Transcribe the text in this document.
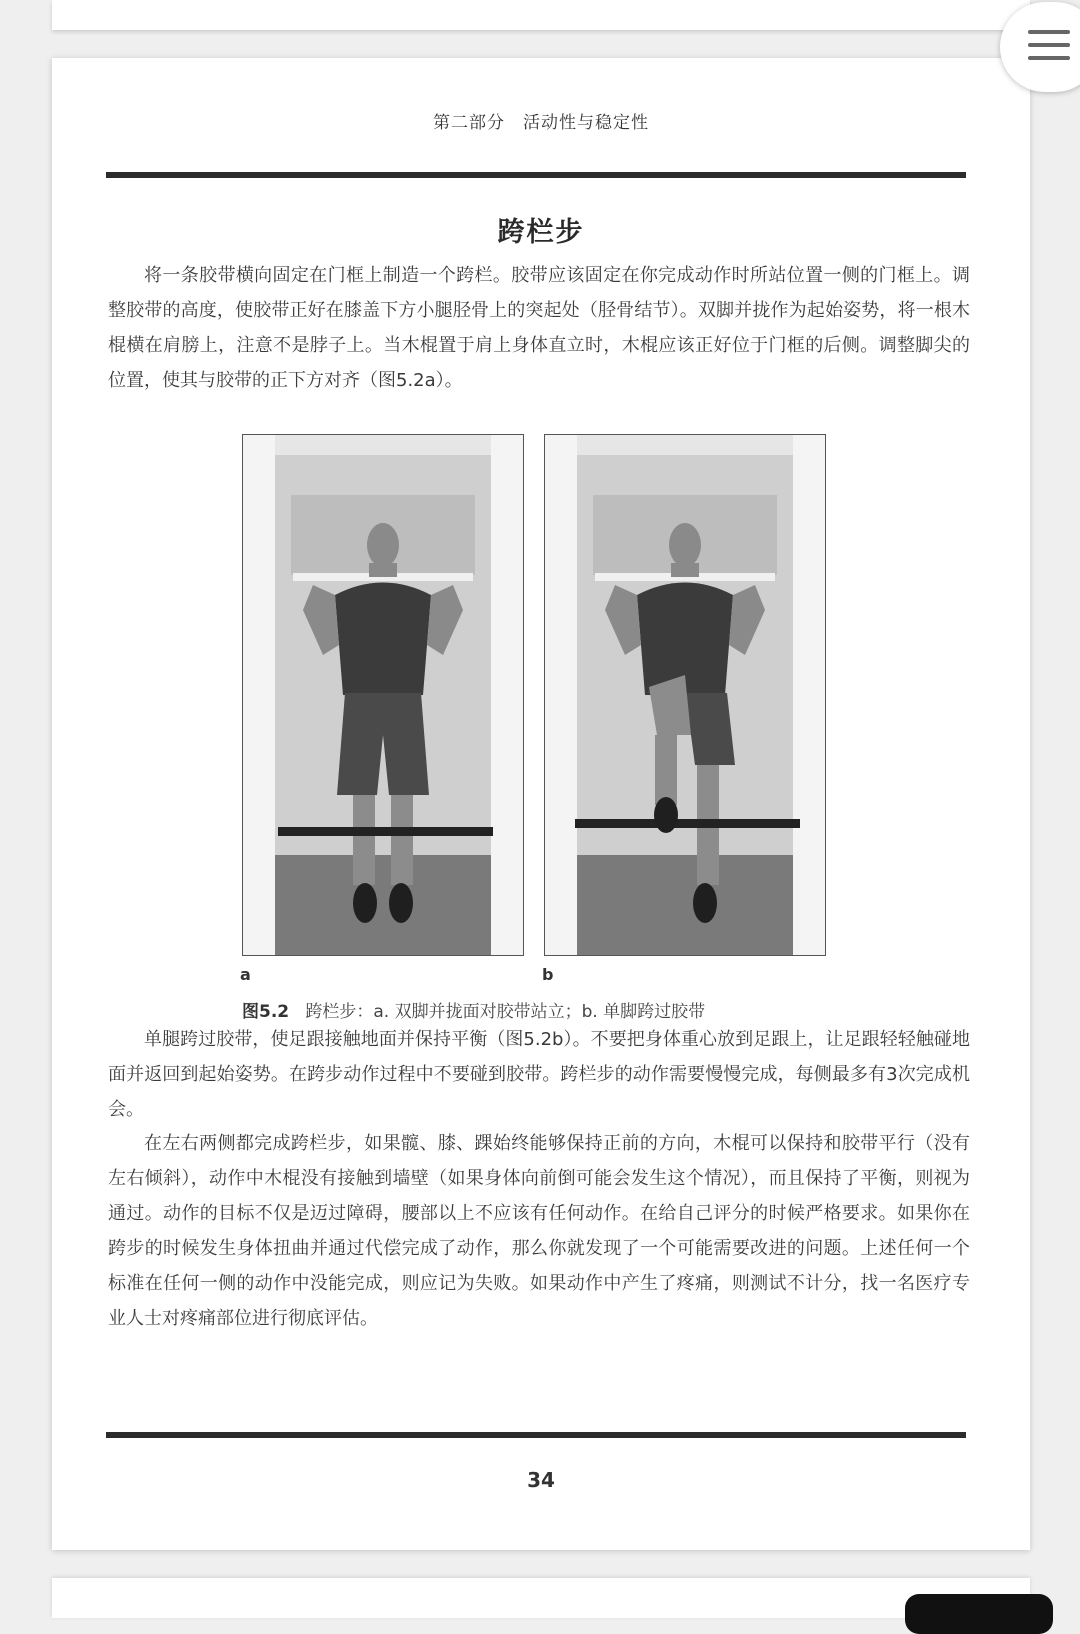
第二部分　活动性与稳定性
跨栏步

将一条胶带横向固定在门框上制造一个跨栏。胶带应该固定在你完成动作时所站位置一侧的门框上。调整胶带的高度，使胶带正好在膝盖下方小腿胫骨上的突起处（胫骨结节）。双脚并拢作为起始姿势，将一根木棍横在肩膀上，注意不是脖子上。当木棍置于肩上身体直立时，木棍应该正好位于门框的后侧。调整脚尖的位置，使其与胶带的正下方对齐（图5.2a）。

a	b
图5.2 跨栏步：a. 双脚并拢面对胶带站立；b. 单脚跨过胶带

单腿跨过胶带，使足跟接触地面并保持平衡（图5.2b）。不要把身体重心放到足跟上，让足跟轻轻触碰地面并返回到起始姿势。在跨步动作过程中不要碰到胶带。跨栏步的动作需要慢慢完成，每侧最多有3次完成机会。

在左右两侧都完成跨栏步，如果髋、膝、踝始终能够保持正前的方向，木棍可以保持和胶带平行（没有左右倾斜），动作中木棍没有接触到墙壁（如果身体向前倒可能会发生这个情况），而且保持了平衡，则视为通过。动作的目标不仅是迈过障碍，腰部以上不应该有任何动作。在给自己评分的时候严格要求。如果你在跨步的时候发生身体扭曲并通过代偿完成了动作，那么你就发现了一个可能需要改进的问题。上述任何一个标准在任何一侧的动作中没能完成，则应记为失败。如果动作中产生了疼痛，则测试不计分，找一名医疗专业人士对疼痛部位进行彻底评估。

34
